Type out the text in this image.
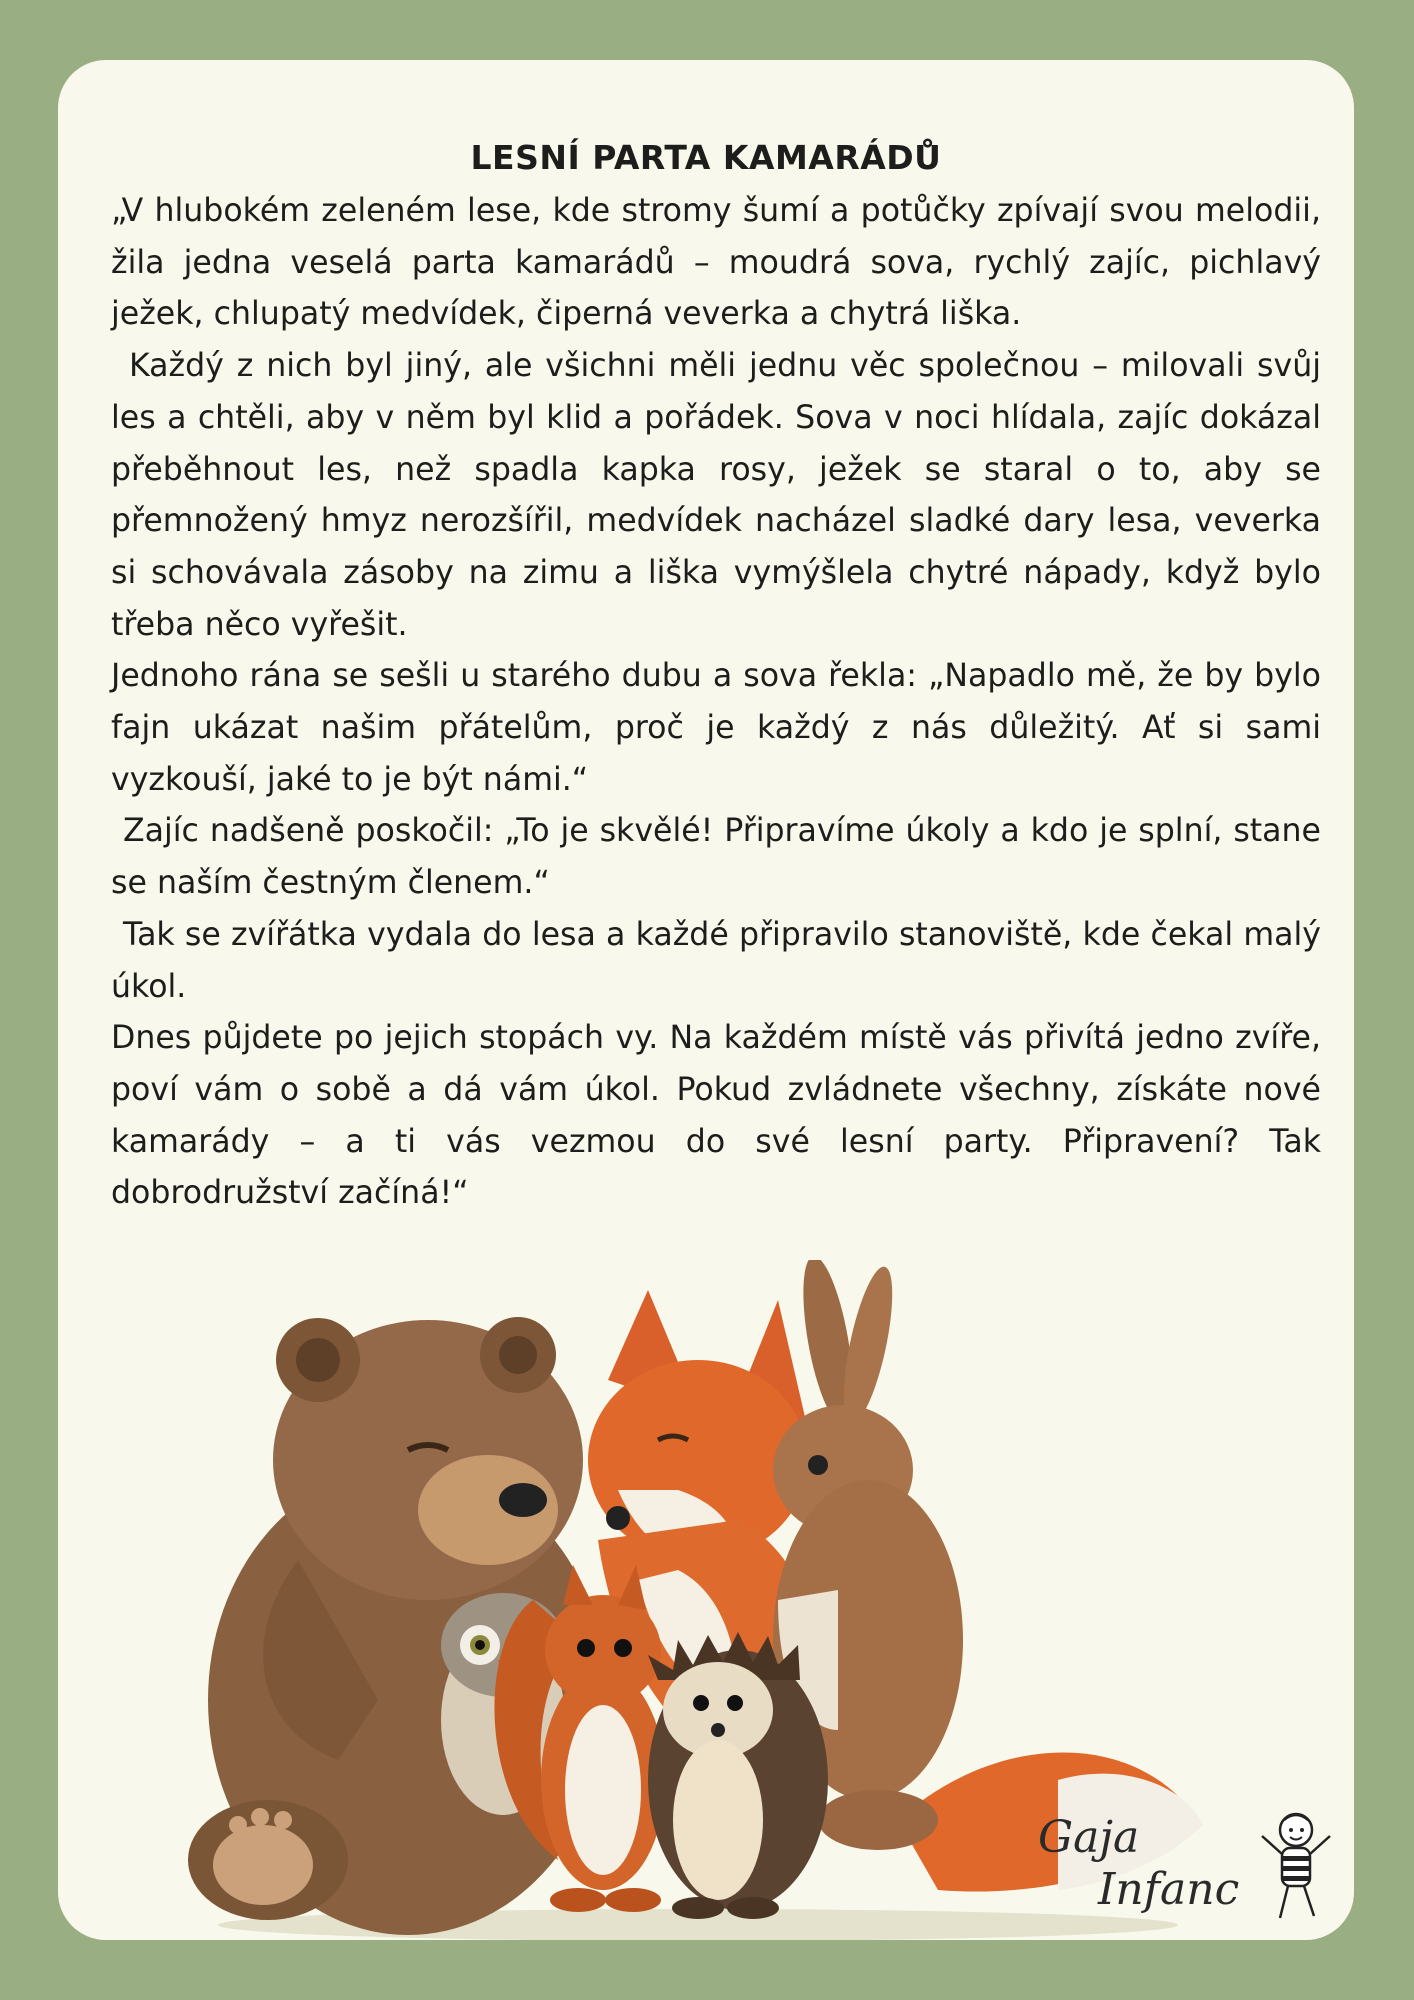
LESNÍ PARTA KAMARÁDŮ

„V hlubokém zeleném lese, kde stromy šumí a potůčky zpívají svou melodii, žila jedna veselá parta kamarádů – moudrá sova, rychlý zajíc, pichlavý ježek, chlupatý medvídek, čiperná veverka a chytrá liška.

Každý z nich byl jiný, ale všichni měli jednu věc společnou – milovali svůj les a chtěli, aby v něm byl klid a pořádek. Sova v noci hlídala, zajíc dokázal přeběhnout les, než spadla kapka rosy, ježek se staral o to, aby se přemnožený hmyz nerozšířil, medvídek nacházel sladké dary lesa, veverka si schovávala zásoby na zimu a liška vymýšlela chytré nápady, když bylo třeba něco vyřešit.

Jednoho rána se sešli u starého dubu a sova řekla: „Napadlo mě, že by bylo fajn ukázat našim přátelům, proč je každý z nás důležitý. Ať si sami vyzkouší, jaké to je být námi.“

Zajíc nadšeně poskočil: „To je skvělé! Připravíme úkoly a kdo je splní, stane se naším čestným členem.“

Tak se zvířátka vydala do lesa a každé připravilo stanoviště, kde čekal malý úkol.

Dnes půjdete po jejich stopách vy. Na každém místě vás přivítá jedno zvíře, poví vám o sobě a dá vám úkol. Pokud zvládnete všechny, získáte nové kamarády – a ti vás vezmou do své lesní party. Připravení? Tak dobrodružství začíná!“

Gaja
Infanc
